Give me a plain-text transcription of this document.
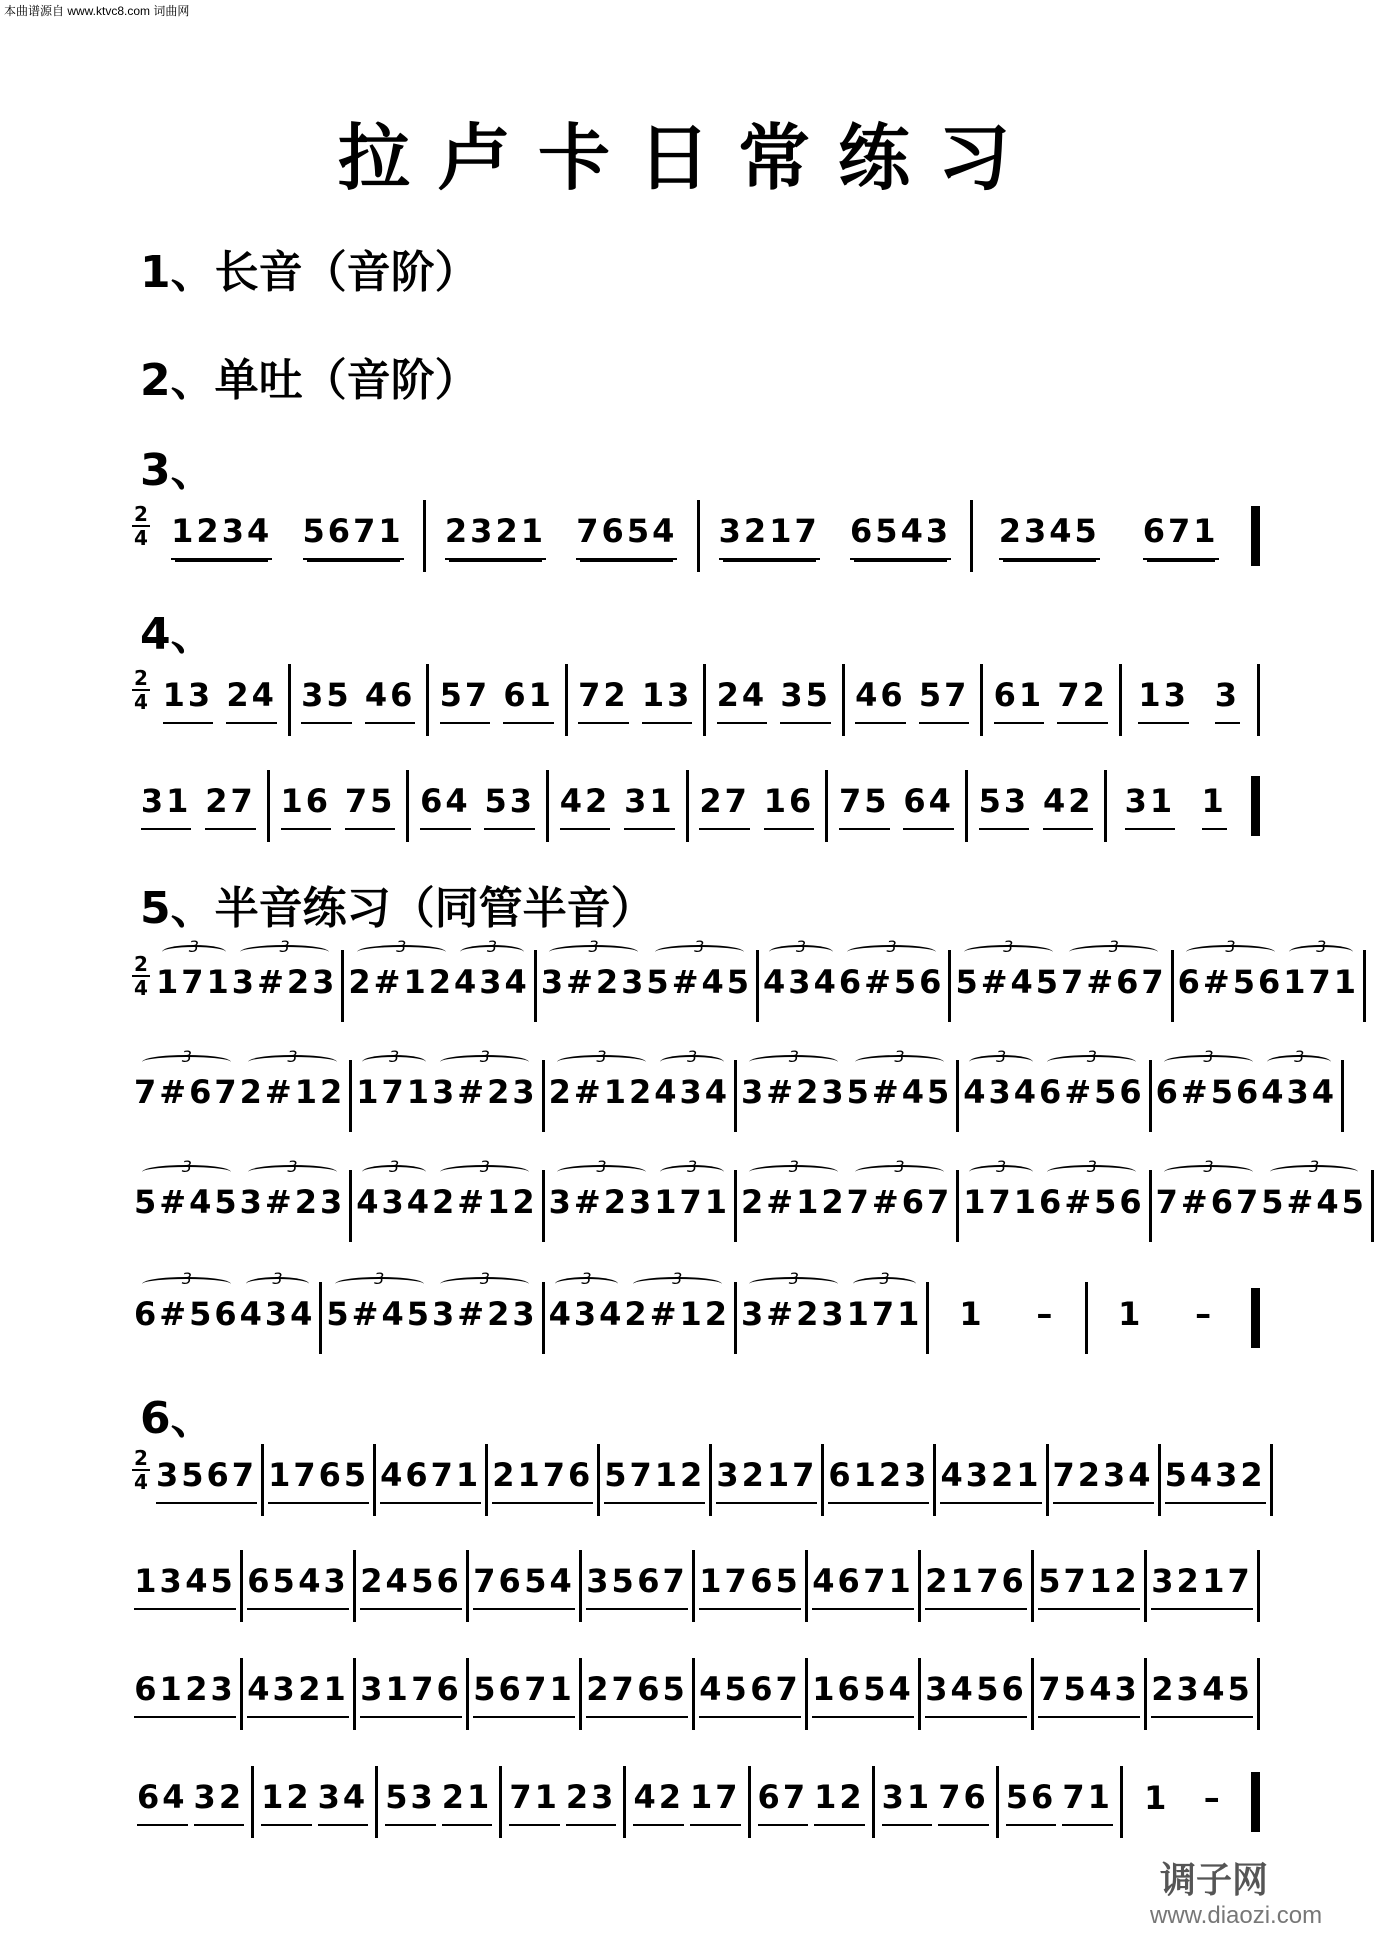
本曲谱源自 www.ktvc8.com 词曲网
拉卢卡日常练习
1、长音（音阶）
2、单吐（音阶）
3、
2
4 1234 5671 2321 7654 3217 6543 2345 671
4、
2
4 13 24 35 46 57 61 72 13 24 35 46 57 61 72 13 3
31 27 16 75 64 53 42 31 27 16 75 64 53 42 31 1
5、半音练习（同管半音）
2
4 3 171 3 3#23 3 2#12 3 434 3 3#23 3 5#45 3 434 3 6#56 3 5#45 3 7#67 3 6#56 3 171
3 7#67 3 2#12 3 171 3 3#23 3 2#12 3 434 3 3#23 3 5#45 3 434 3 6#56 3 6#56 3 434
3 5#45 3 3#23 3 434 3 2#12 3 3#23 3 171 3 2#12 3 7#67 3 171 3 6#56 3 7#67 3 5#45
3 6#56 3 434 3 5#45 3 3#23 3 434 3 2#12 3 3#23 3 171 1 – 1 –
6、
2
4 35 67 17 65 46 71 21 76 57 12 32 17 61 23 43 21 72 34 54 32
13 45 65 43 24 56 76 54 35 67 17 65 46 71 21 76 57 12 32 17
61 23 43 21 31 76 56 71 27 65 45 67 16 54 34 56 75 43 23 45
64 32 12 34 53 21 71 23 42 17 67 12 31 76 56 71 1 –
调子网
www.diaozi.com
